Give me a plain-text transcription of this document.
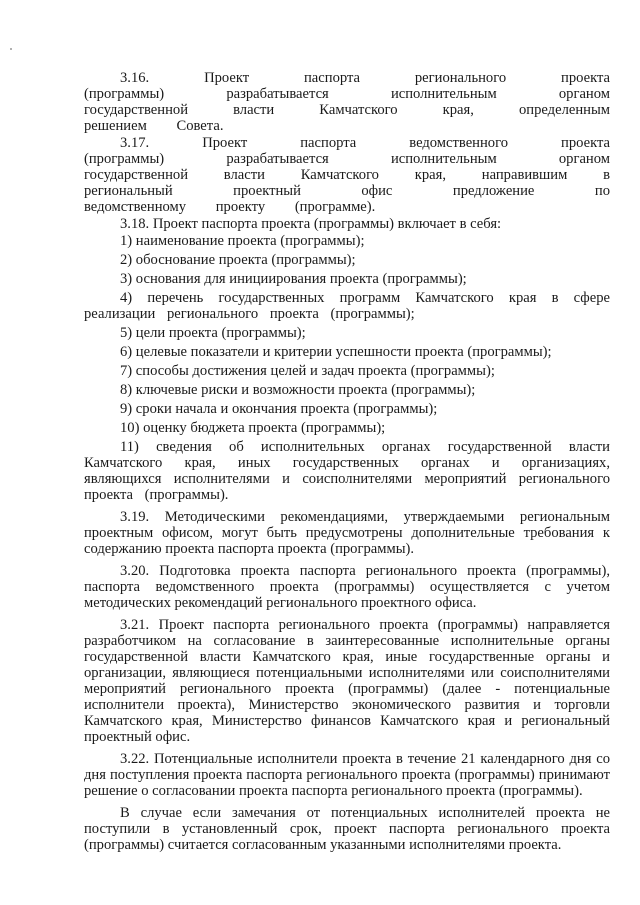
3.16. Проект паспорта регионального проекта (программы) разрабатывается исполнительным органом государственной власти Камчатского края, определенным решением Совета.

3.17. Проект паспорта ведомственного проекта (программы) разрабатывается исполнительным органом государственной власти Камчатского края, направившим в региональный проектный офис предложение по ведомственному проекту (программе).

3.18. Проект паспорта проекта (программы) включает в себя:

1) наименование проекта (программы);

2) обоснование проекта (программы);

3) основания для инициирования проекта (программы);

4) перечень государственных программ Камчатского края в сфере реализации регионального проекта (программы);

5) цели проекта (программы);

6) целевые показатели и критерии успешности проекта (программы);

7) способы достижения целей и задач проекта (программы);

8) ключевые риски и возможности проекта (программы);

9) сроки начала и окончания проекта (программы);

10) оценку бюджета проекта (программы);

11) сведения об исполнительных органах государственной власти Камчатского края, иных государственных органах и организациях, являющихся исполнителями и соисполнителями мероприятий регионального проекта (программы).

3.19. Методическими рекомендациями, утверждаемыми региональным проектным офисом, могут быть предусмотрены дополнительные требования к содержанию проекта паспорта проекта (программы).

3.20. Подготовка проекта паспорта регионального проекта (программы), паспорта ведомственного проекта (программы) осуществляется с учетом методических рекомендаций регионального проектного офиса.

3.21. Проект паспорта регионального проекта (программы) направляется разработчиком на согласование в заинтересованные исполнительные органы государственной власти Камчатского края, иные государственные органы и организации, являющиеся потенциальными исполнителями или соисполнителями мероприятий регионального проекта (программы) (далее - потенциальные исполнители проекта), Министерство экономического развития и торговли Камчатского края, Министерство финансов Камчатского края и региональный проектный офис.

3.22. Потенциальные исполнители проекта в течение 21 календарного дня со дня поступления проекта паспорта регионального проекта (программы) принимают решение о согласовании проекта паспорта регионального проекта (программы).

В случае если замечания от потенциальных исполнителей проекта не поступили в установленный срок, проект паспорта регионального проекта (программы) считается согласованным указанными исполнителями проекта.
